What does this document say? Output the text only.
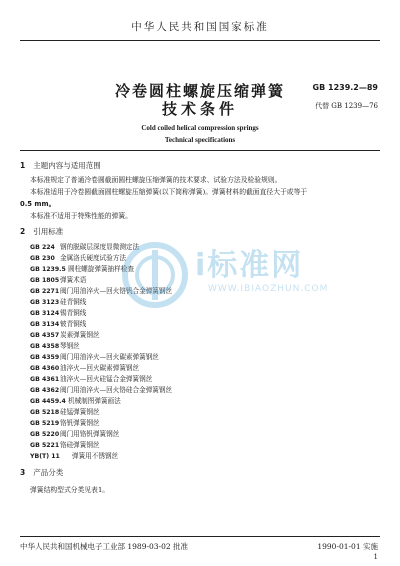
中华人民共和国国家标准
冷卷圆柱螺旋压缩弹簧
技术条件
GB 1239.2—89
代替 GB 1239—76
Cold coiled helical compression springs
Technical specifications
1 主题内容与适用范围
本标准规定了普通冷卷圆截面圆柱螺旋压缩弹簧的技术要求、试验方法及检验规则。
本标准适用于冷卷圆截面圆柱螺旋压缩弹簧(以下简称弹簧)。弹簧材料的截面直径大于或等于
0.5 mm。
本标准不适用于特殊性能的弹簧。
2 引用标准
GB 224 钢的脱碳层深度显微测定法
GB 230 金属洛氏硬度试验方法
GB 1239.5 圆柱螺旋弹簧抽样检查
GB 1805弹簧术语
GB 2271阀门用油淬火—回火铬钒合金弹簧钢丝
GB 3123硅青铜线
GB 3124锡青铜线
GB 3134铍青铜线
GB 4357炭素弹簧钢丝
GB 4358琴钢丝
GB 4359阀门用油淬火—回火碳素弹簧钢丝
GB 4360油淬火—回火碳素弹簧钢丝
GB 4361油淬火—回火硅锰合金弹簧钢丝
GB 4362阀门用油淬火—回火铬硅合金弹簧钢丝
GB 4459.4 机械制图弹簧画法
GB 5218硅锰弹簧钢丝
GB 5219铬钒弹簧钢丝
GB 5220阀门用铬钒弹簧钢丝
GB 5221铬硅弹簧钢丝
YB(T) 11 弹簧用不锈钢丝
3 产品分类
弹簧结构型式分类见表1。
i标准网
WWW.IBIAOZHUN.COM
中华人民共和国机械电子工业部 1989-03-02 批准	1990-01-01 实施
1
